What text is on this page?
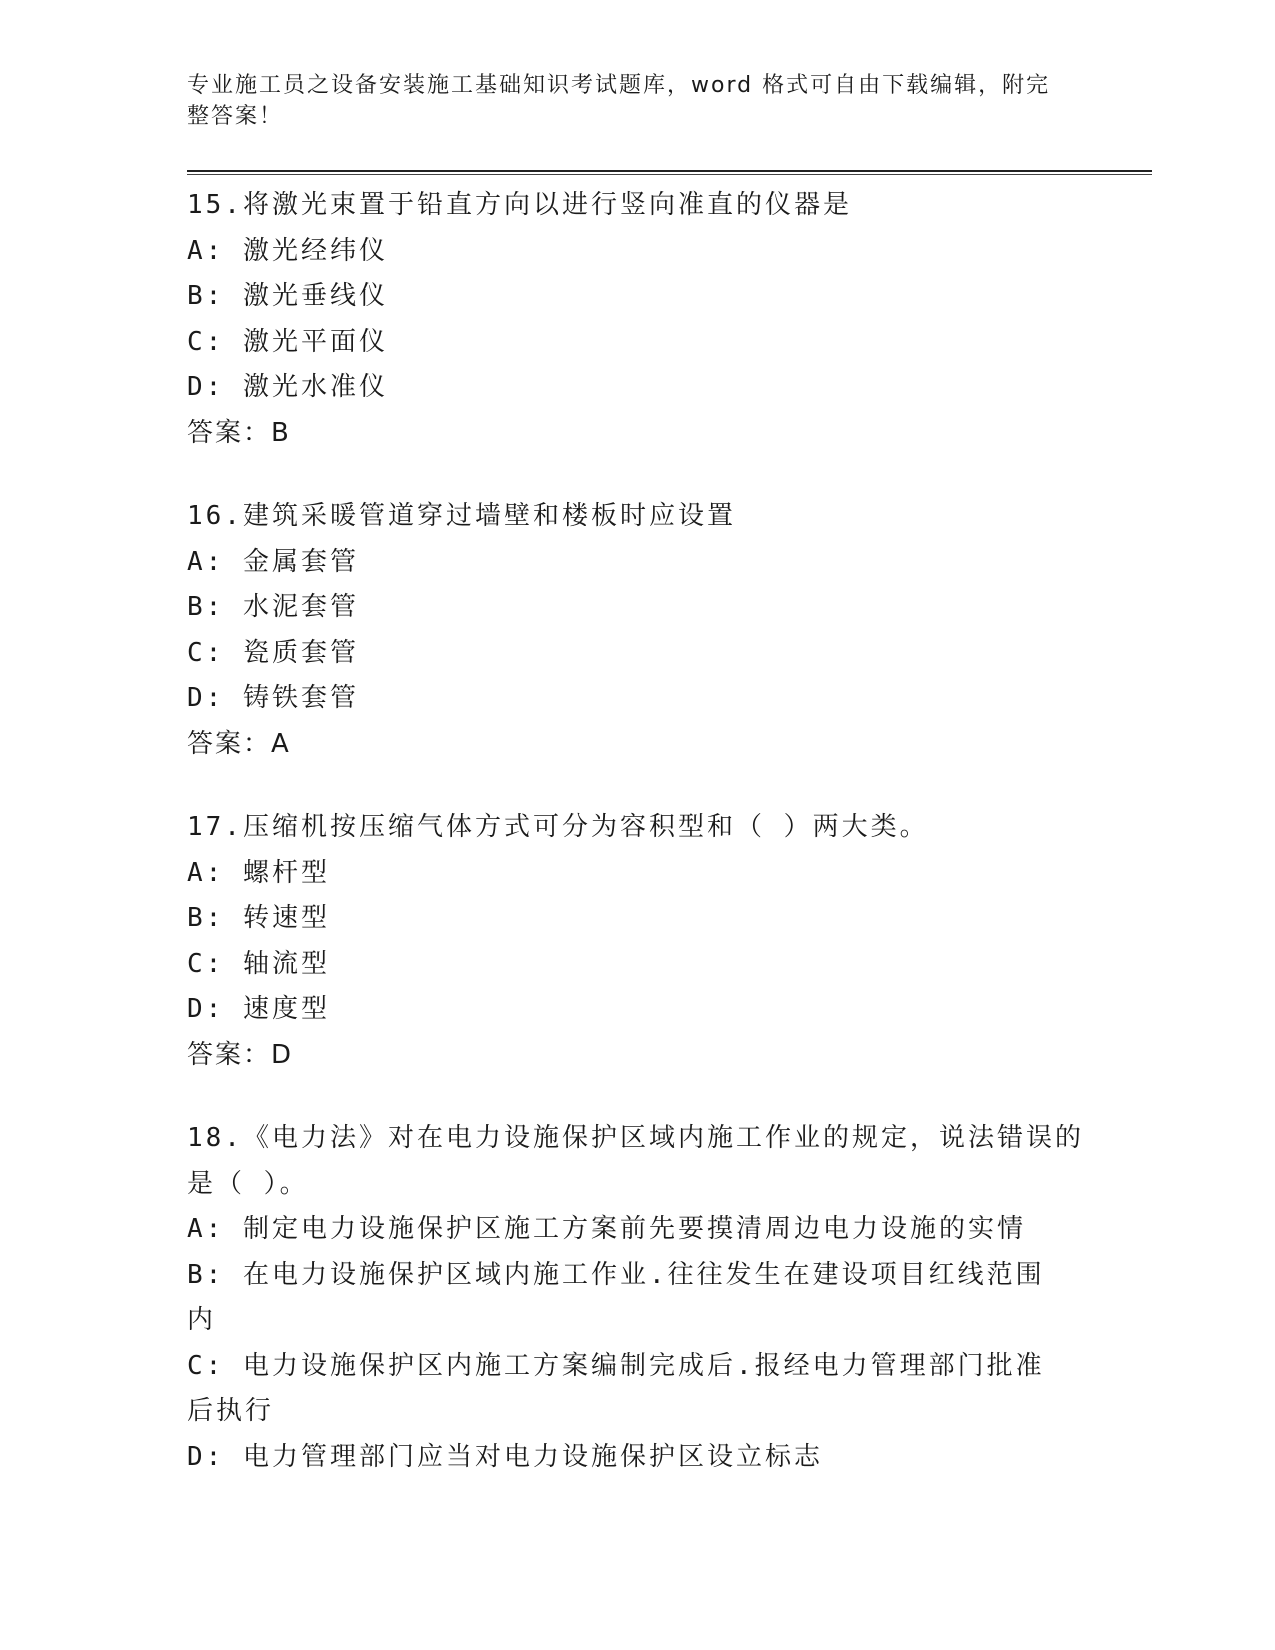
专业施工员之设备安装施工基础知识考试题库，word 格式可自由下载编辑，附完整答案！
15.将激光束置于铅直方向以进行竖向准直的仪器是
A: 激光经纬仪
B: 激光垂线仪
C: 激光平面仪
D: 激光水准仪
答案：B
16.建筑采暖管道穿过墙壁和楼板时应设置
A: 金属套管
B: 水泥套管
C: 瓷质套管
D: 铸铁套管
答案：A
17.压缩机按压缩气体方式可分为容积型和（ ）两大类。
A: 螺杆型
B: 转速型
C: 轴流型
D: 速度型
答案：D
18.《电力法》对在电力设施保护区域内施工作业的规定，说法错误的是（ ）。
A: 制定电力设施保护区施工方案前先要摸清周边电力设施的实情
B: 在电力设施保护区域内施工作业.往往发生在建设项目红线范围内
C: 电力设施保护区内施工方案编制完成后.报经电力管理部门批准后执行
D: 电力管理部门应当对电力设施保护区设立标志
